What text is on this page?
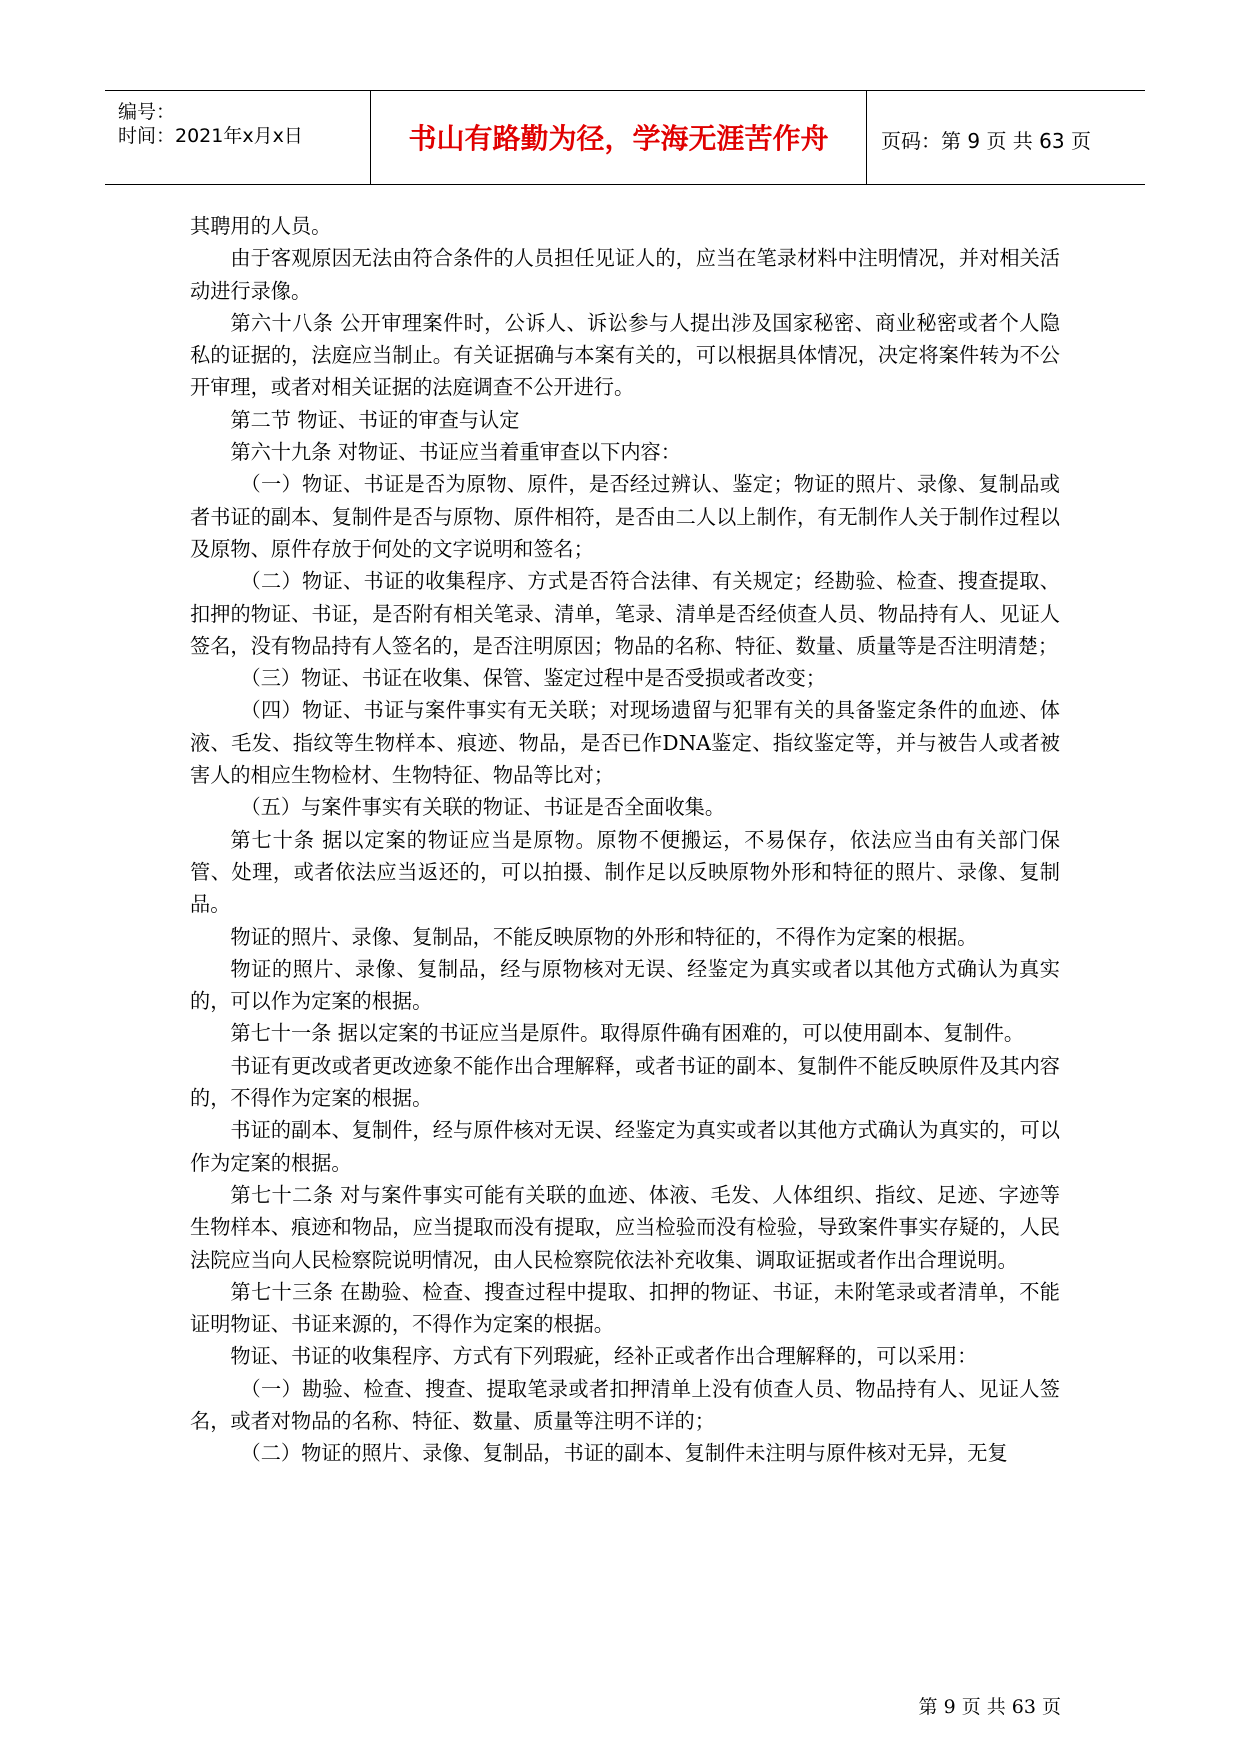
编号：
时间：2021年x月x日	书山有路勤为径，学海无涯苦作舟	页码：第 9 页 共 63 页

其聘用的人员。

由于客观原因无法由符合条件的人员担任见证人的，应当在笔录材料中注明情况，并对相关活动进行录像。

第六十八条 公开审理案件时，公诉人、诉讼参与人提出涉及国家秘密、商业秘密或者个人隐私的证据的，法庭应当制止。有关证据确与本案有关的，可以根据具体情况，决定将案件转为不公开审理，或者对相关证据的法庭调查不公开进行。

第二节 物证、书证的审查与认定

第六十九条 对物证、书证应当着重审查以下内容：

（一）物证、书证是否为原物、原件，是否经过辨认、鉴定；物证的照片、录像、复制品或者书证的副本、复制件是否与原物、原件相符，是否由二人以上制作，有无制作人关于制作过程以及原物、原件存放于何处的文字说明和签名；

（二）物证、书证的收集程序、方式是否符合法律、有关规定；经勘验、检查、搜查提取、扣押的物证、书证，是否附有相关笔录、清单，笔录、清单是否经侦查人员、物品持有人、见证人签名，没有物品持有人签名的，是否注明原因；物品的名称、特征、数量、质量等是否注明清楚；

（三）物证、书证在收集、保管、鉴定过程中是否受损或者改变；

（四）物证、书证与案件事实有无关联；对现场遗留与犯罪有关的具备鉴定条件的血迹、体液、毛发、指纹等生物样本、痕迹、物品，是否已作DNA鉴定、指纹鉴定等，并与被告人或者被害人的相应生物检材、生物特征、物品等比对；

（五）与案件事实有关联的物证、书证是否全面收集。

第七十条 据以定案的物证应当是原物。原物不便搬运，不易保存，依法应当由有关部门保管、处理，或者依法应当返还的，可以拍摄、制作足以反映原物外形和特征的照片、录像、复制品。

物证的照片、录像、复制品，不能反映原物的外形和特征的，不得作为定案的根据。

物证的照片、录像、复制品，经与原物核对无误、经鉴定为真实或者以其他方式确认为真实的，可以作为定案的根据。

第七十一条 据以定案的书证应当是原件。取得原件确有困难的，可以使用副本、复制件。

书证有更改或者更改迹象不能作出合理解释，或者书证的副本、复制件不能反映原件及其内容的，不得作为定案的根据。

书证的副本、复制件，经与原件核对无误、经鉴定为真实或者以其他方式确认为真实的，可以作为定案的根据。

第七十二条 对与案件事实可能有关联的血迹、体液、毛发、人体组织、指纹、足迹、字迹等生物样本、痕迹和物品，应当提取而没有提取，应当检验而没有检验，导致案件事实存疑的，人民法院应当向人民检察院说明情况，由人民检察院依法补充收集、调取证据或者作出合理说明。

第七十三条 在勘验、检查、搜查过程中提取、扣押的物证、书证，未附笔录或者清单，不能证明物证、书证来源的，不得作为定案的根据。

物证、书证的收集程序、方式有下列瑕疵，经补正或者作出合理解释的，可以采用：

（一）勘验、检查、搜查、提取笔录或者扣押清单上没有侦查人员、物品持有人、见证人签名，或者对物品的名称、特征、数量、质量等注明不详的；

（二）物证的照片、录像、复制品，书证的副本、复制件未注明与原件核对无异，无复

第 9 页 共 63 页
